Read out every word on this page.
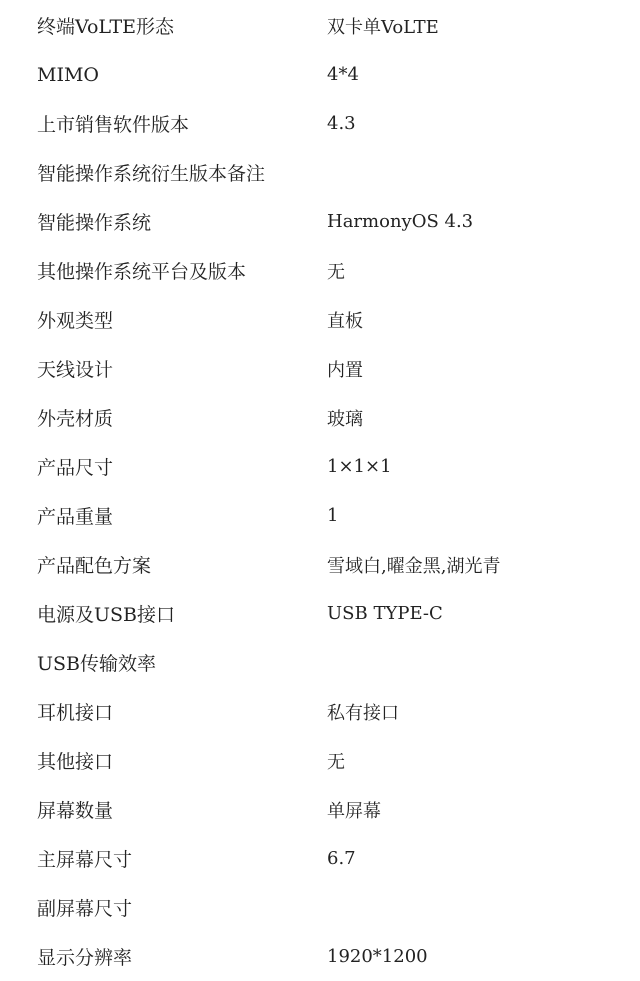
终端VoLTE形态	双卡单VoLTE
MIMO	4*4
上市销售软件版本	4.3
智能操作系统衍生版本备注
智能操作系统	HarmonyOS 4.3
其他操作系统平台及版本	无
外观类型	直板
天线设计	内置
外壳材质	玻璃
产品尺寸	1×1×1
产品重量	1
产品配色方案	雪域白,曜金黑,湖光青
电源及USB接口	USB TYPE-C
USB传输效率
耳机接口	私有接口
其他接口	无
屏幕数量	单屏幕
主屏幕尺寸	6.7
副屏幕尺寸
显示分辨率	1920*1200
